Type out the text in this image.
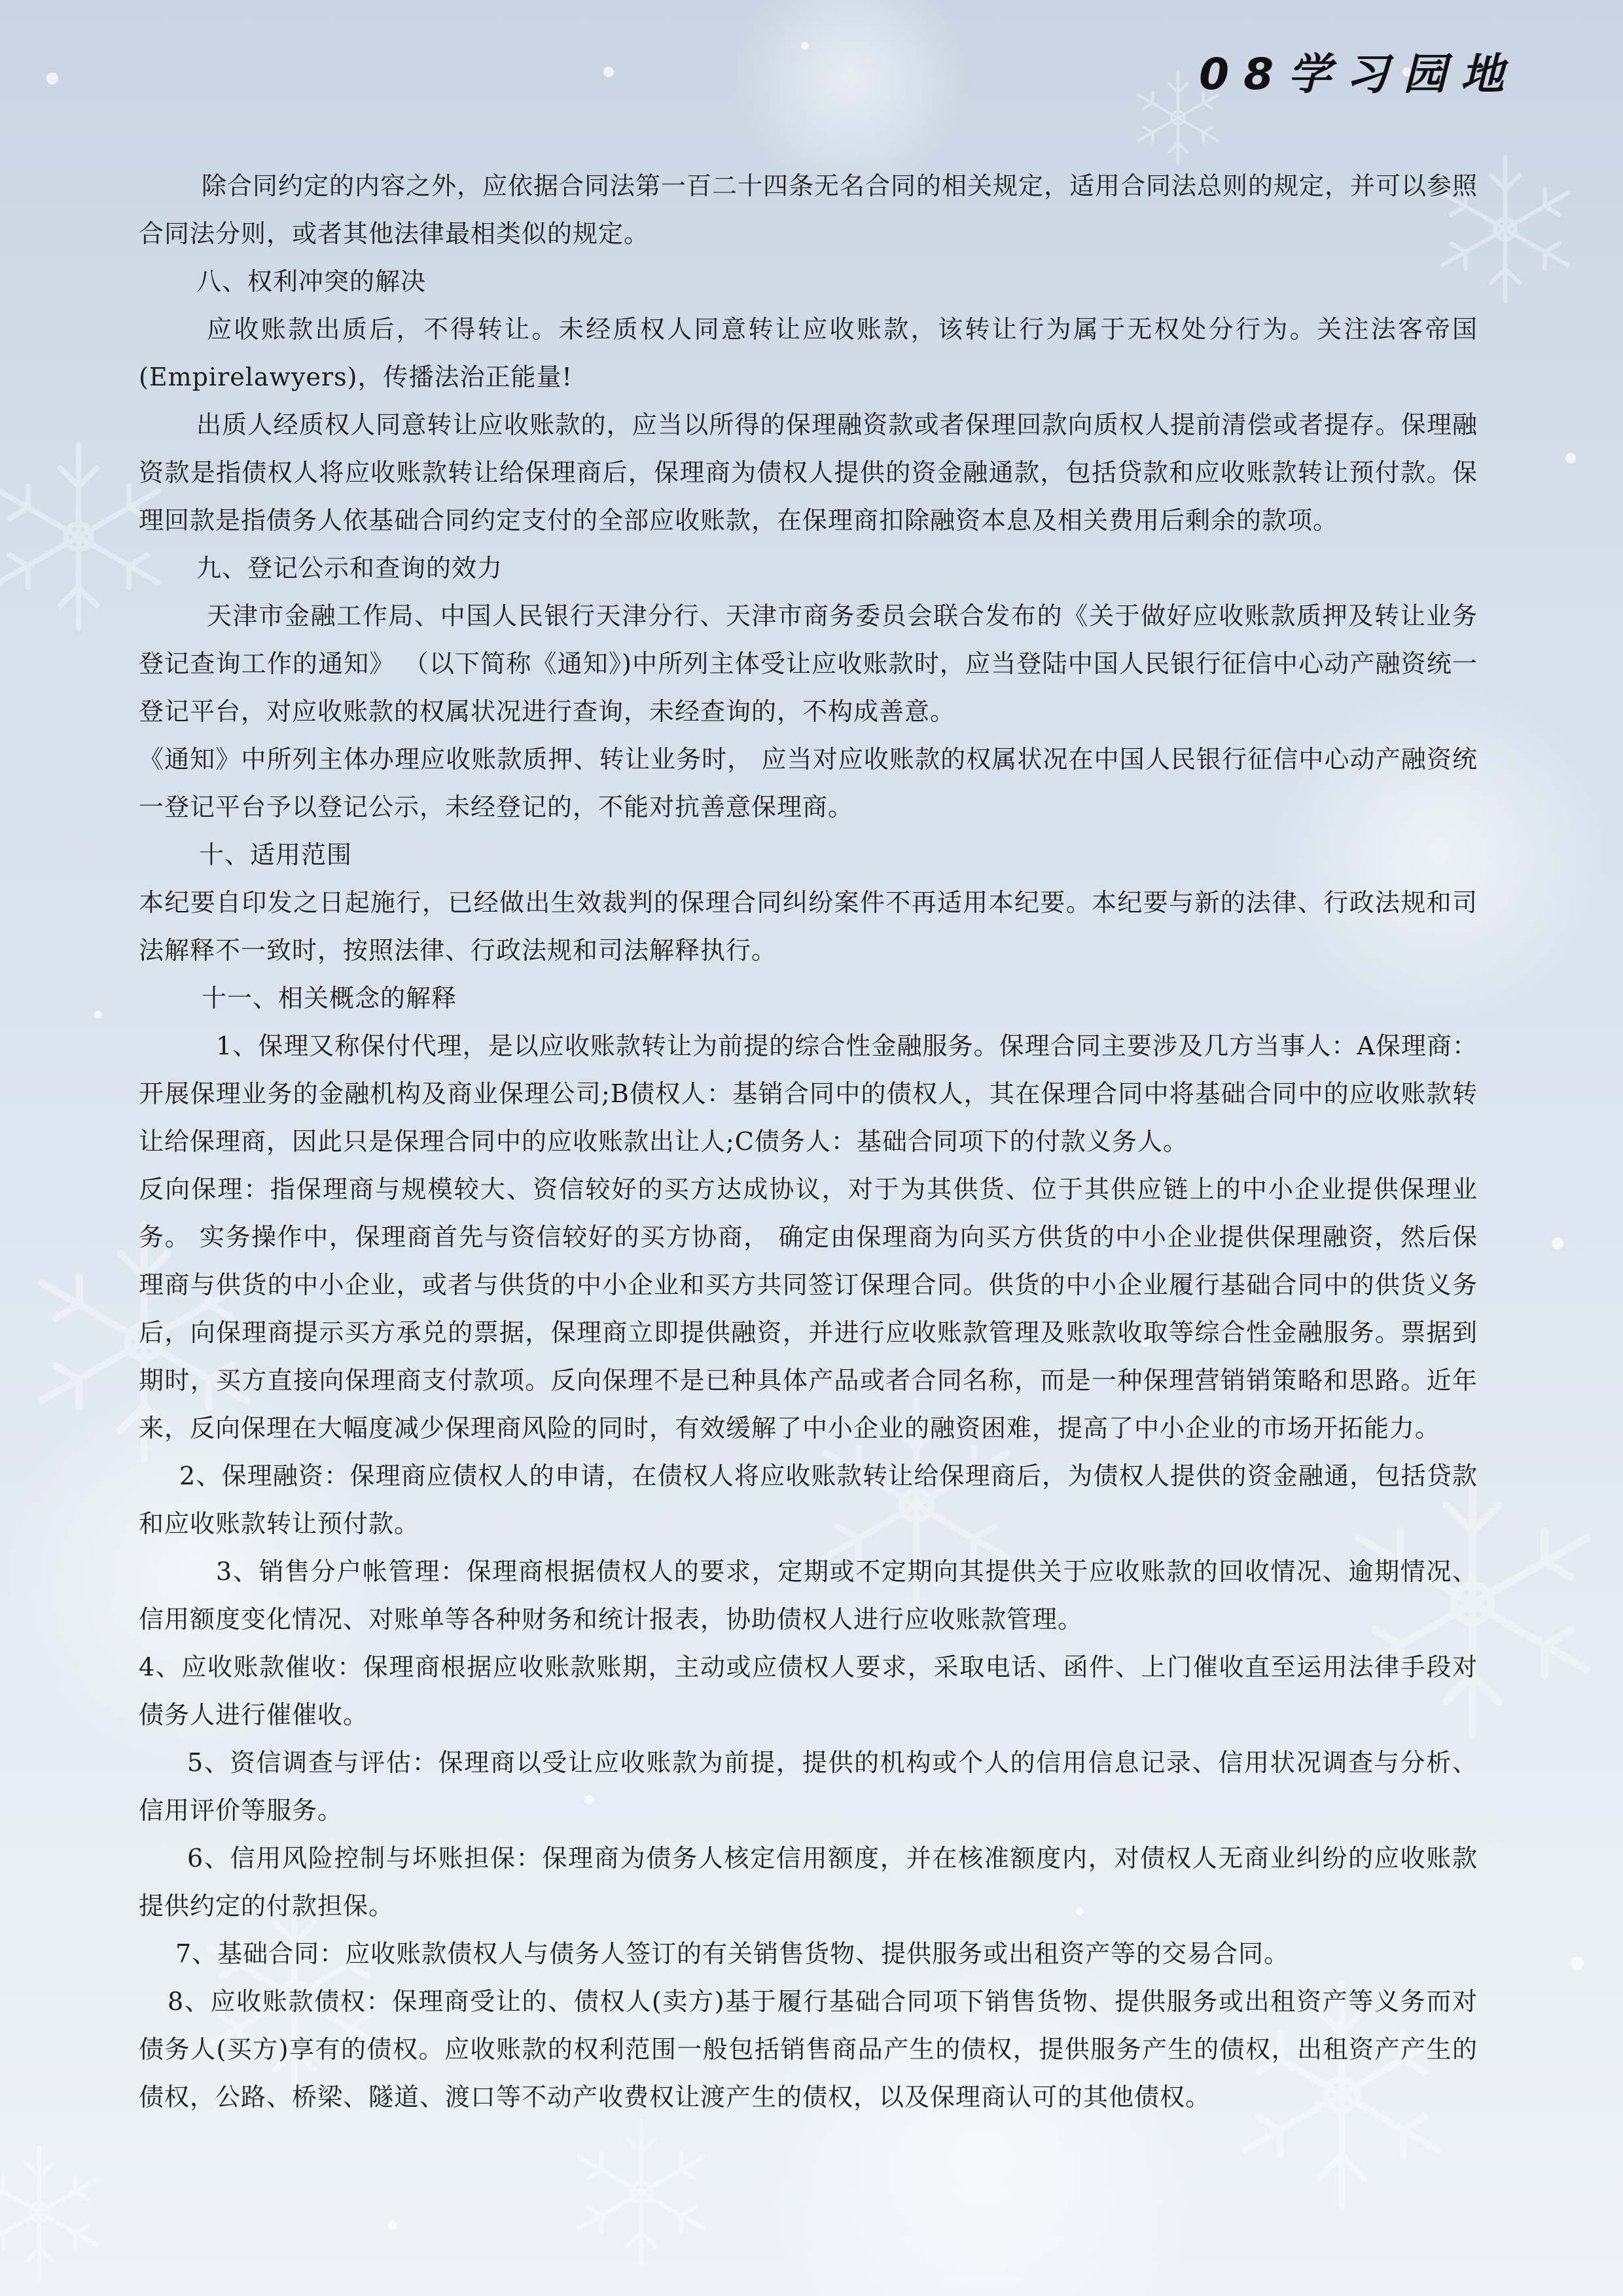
08学习园地

除合同约定的内容之外，应依据合同法第一百二十四条无名合同的相关规定，适用合同法总则的规定，并可以参照合同法分则，或者其他法律最相类似的规定。

八、权利冲突的解决

应收账款出质后，不得转让。未经质权人同意转让应收账款，该转让行为属于无权处分行为。关注法客帝国(Empirelawyers)，传播法治正能量!

出质人经质权人同意转让应收账款的，应当以所得的保理融资款或者保理回款向质权人提前清偿或者提存。保理融资款是指债权人将应收账款转让给保理商后，保理商为债权人提供的资金融通款，包括贷款和应收账款转让预付款。保理回款是指债务人依基础合同约定支付的全部应收账款，在保理商扣除融资本息及相关费用后剩余的款项。

九、登记公示和查询的效力

天津市金融工作局、中国人民银行天津分行、天津市商务委员会联合发布的《关于做好应收账款质押及转让业务登记查询工作的通知》 （以下简称《通知》)中所列主体受让应收账款时，应当登陆中国人民银行征信中心动产融资统一登记平台，对应收账款的权属状况进行查询，未经查询的，不构成善意。

《通知》中所列主体办理应收账款质押、转让业务时， 应当对应收账款的权属状况在中国人民银行征信中心动产融资统一登记平台予以登记公示，未经登记的，不能对抗善意保理商。

十、适用范围

本纪要自印发之日起施行，已经做出生效裁判的保理合同纠纷案件不再适用本纪要。本纪要与新的法律、行政法规和司法解释不一致时，按照法律、行政法规和司法解释执行。

十一、相关概念的解释

1、保理又称保付代理，是以应收账款转让为前提的综合性金融服务。保理合同主要涉及几方当事人：A保理商：开展保理业务的金融机构及商业保理公司;B债权人：基销合同中的债权人，其在保理合同中将基础合同中的应收账款转让给保理商，因此只是保理合同中的应收账款出让人;C债务人：基础合同项下的付款义务人。

反向保理：指保理商与规模较大、资信较好的买方达成协议，对于为其供货、位于其供应链上的中小企业提供保理业务。 实务操作中，保理商首先与资信较好的买方协商， 确定由保理商为向买方供货的中小企业提供保理融资，然后保理商与供货的中小企业，或者与供货的中小企业和买方共同签订保理合同。供货的中小企业履行基础合同中的供货义务后，向保理商提示买方承兑的票据，保理商立即提供融资，并进行应收账款管理及账款收取等综合性金融服务。票据到期时，买方直接向保理商支付款项。反向保理不是已种具体产品或者合同名称，而是一种保理营销销策略和思路。近年来，反向保理在大幅度减少保理商风险的同时，有效缓解了中小企业的融资困难，提高了中小企业的市场开拓能力。

2、保理融资：保理商应债权人的申请，在债权人将应收账款转让给保理商后，为债权人提供的资金融通，包括贷款和应收账款转让预付款。

3、销售分户帐管理：保理商根据债权人的要求，定期或不定期向其提供关于应收账款的回收情况、逾期情况、信用额度变化情况、对账单等各种财务和统计报表，协助债权人进行应收账款管理。

4、应收账款催收：保理商根据应收账款账期，主动或应债权人要求，采取电话、函件、上门催收直至运用法律手段对债务人进行催催收。

5、资信调查与评估：保理商以受让应收账款为前提，提供的机构或个人的信用信息记录、信用状况调查与分析、信用评价等服务。

6、信用风险控制与坏账担保：保理商为债务人核定信用额度，并在核准额度内，对债权人无商业纠纷的应收账款提供约定的付款担保。

7、基础合同：应收账款债权人与债务人签订的有关销售货物、提供服务或出租资产等的交易合同。

8、应收账款债权：保理商受让的、债权人(卖方)基于履行基础合同项下销售货物、提供服务或出租资产等义务而对债务人(买方)享有的债权。应收账款的权利范围一般包括销售商品产生的债权，提供服务产生的债权，出租资产产生的债权，公路、桥梁、隧道、渡口等不动产收费权让渡产生的债权，以及保理商认可的其他债权。
